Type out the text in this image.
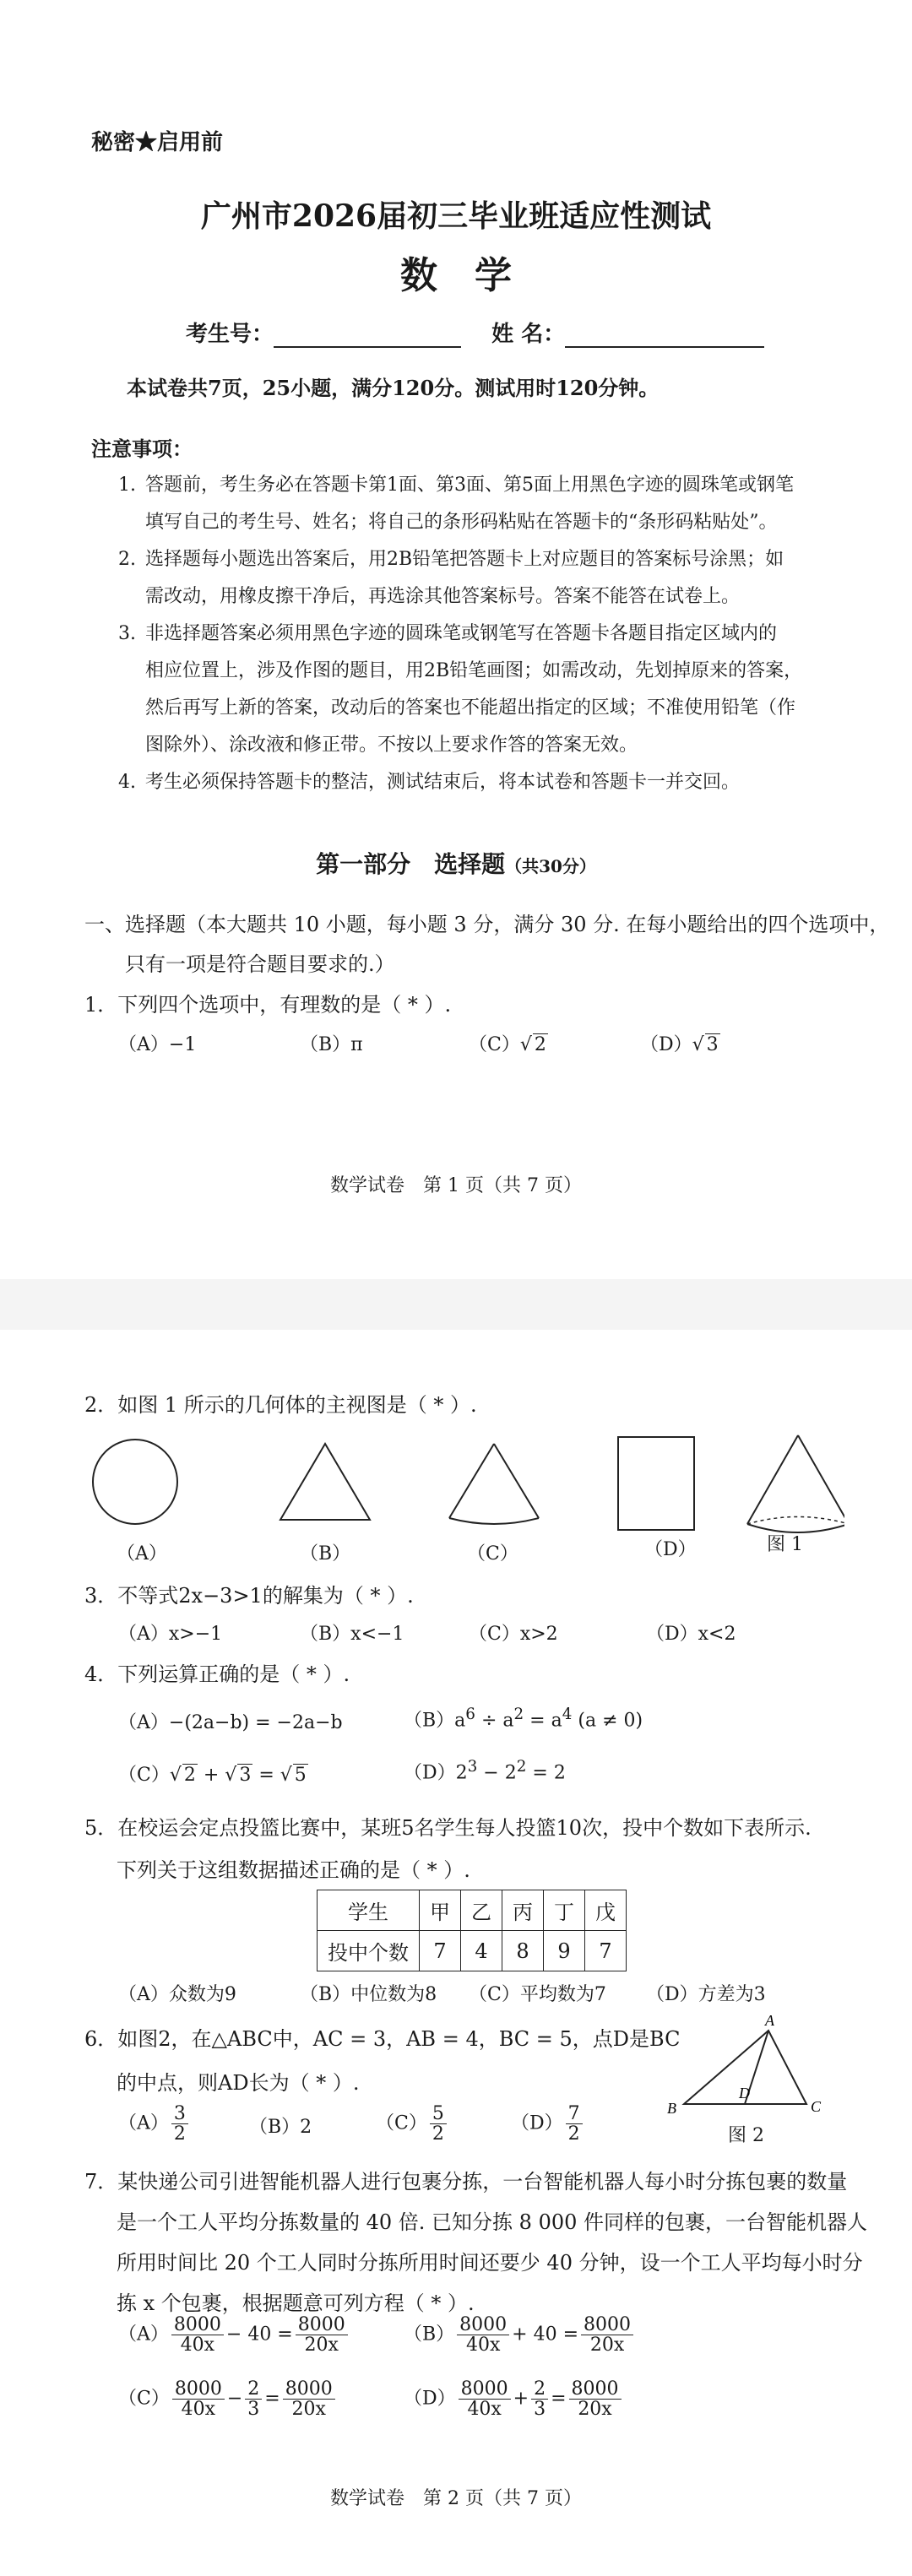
秘密★启用前
广州市2026届初三毕业班适应性测试
数　学
考生号：	姓 名：
本试卷共7页，25小题，满分120分。测试用时120分钟。
注意事项：
1. 答题前，考生务必在答题卡第1面、第3面、第5面上用黑色字迹的圆珠笔或钢笔
填写自己的考生号、姓名；将自己的条形码粘贴在答题卡的“条形码粘贴处”。
2. 选择题每小题选出答案后，用2B铅笔把答题卡上对应题目的答案标号涂黑；如
需改动，用橡皮擦干净后，再选涂其他答案标号。答案不能答在试卷上。
3. 非选择题答案必须用黑色字迹的圆珠笔或钢笔写在答题卡各题目指定区域内的
相应位置上，涉及作图的题目，用2B铅笔画图；如需改动，先划掉原来的答案，
然后再写上新的答案，改动后的答案也不能超出指定的区域；不准使用铅笔（作
图除外）、涂改液和修正带。不按以上要求作答的答案无效。
4. 考生必须保持答题卡的整洁，测试结束后，将本试卷和答题卡一并交回。
第一部分　选择题（共30分）
一、选择题（本大题共 10 小题，每小题 3 分，满分 30 分. 在每小题给出的四个选项中，
只有一项是符合题目要求的.）
1．下列四个选项中，有理数的是（ * ）.
（A）−1	（B）π	（C）√ 2	（D）√ 3
数学试卷　第 1 页（共 7 页）
2．如图 1 所示的几何体的主视图是（ * ）.
（A）	（B）	（C）	（D）	图 1
3．不等式2x−3>1的解集为（ * ）.
（A）x>−1	（B）x<−1	（C）x>2	（D）x<2
4．下列运算正确的是（ * ）.
（A）−(2a−b) = −2a−b	$(B)a^6 \div a^2 = a^4$ (a ≠ 0)
（C）√ 2 + √ 3 = √ 5	$(D)2^3 - 2^2 = 2$
5．在校运会定点投篮比赛中，某班5名学生每人投篮10次，投中个数如下表所示.
下列关于这组数据描述正确的是（ * ）.
学生	甲	乙	丙	丁	戊
投中个数	7	4	8	9	7
（A）众数为9	（B）中位数为8 （C）平均数为7 （D）方差为3
6．如图2，在△ABC中，AC = 3，AB = 4，BC = 5，点D是BC
的中点，则AD长为（ * ）.
$(A) \frac{3}{2}$	（B）2	$(C) \frac{5}{2}$	$(D) \frac{7}{2}$
A
B
D
C
图 2
7．某快递公司引进智能机器人进行包裹分拣，一台智能机器人每小时分拣包裹的数量
是一个工人平均分拣数量的 40 倍. 已知分拣 8 000 件同样的包裹，一台智能机器人
所用时间比 20 个工人同时分拣所用时间还要少 40 分钟，设一个工人平均每小时分
拣 x 个包裹，根据题意可列方程（ * ）.
$(A) \frac{8000}{40x} - 40 = \frac{8000}{20x}$	$(B) \frac{8000}{40x} + 40 = \frac{8000}{20x}$
$(C) \frac{8000}{40x} - \frac{2}{3} = \frac{8000}{20x}$	$(D) \frac{8000}{40x} + \frac{2}{3} = \frac{8000}{20x}$
数学试卷　第 2 页（共 7 页）
